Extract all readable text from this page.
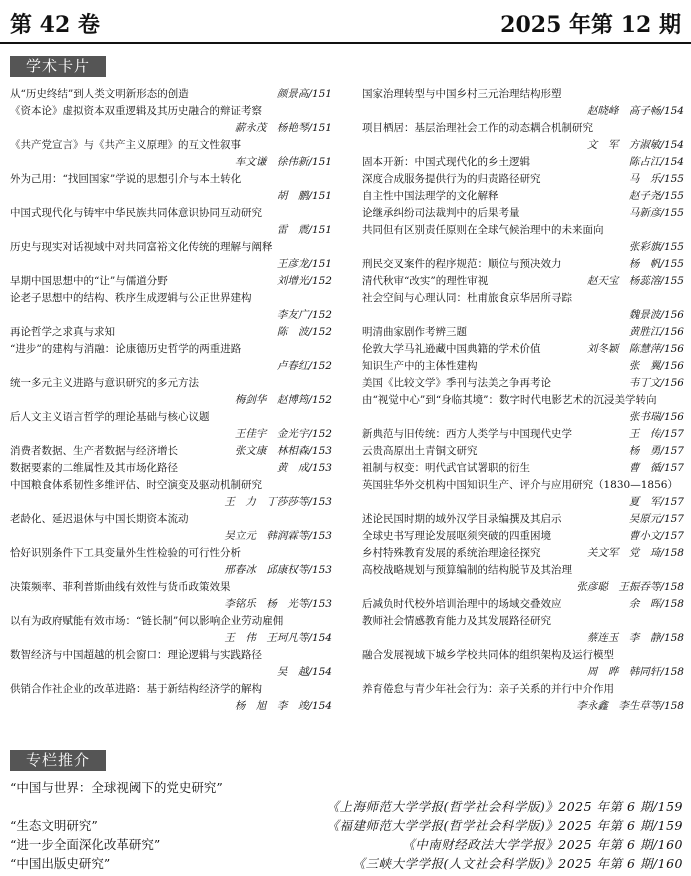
第 42 卷	2025 年第 12 期
学术卡片
从“历史终结”到人类文明新形态的创造	颜景高/151
《资本论》虚拟资本双重逻辑及其历史融合的辩证考察
薪永茂　杨艳琴/151
《共产党宣言》与《共产主义原理》的互文性叙事
车文谦　徐伟新/151
外为己用：“找回国家”学说的思想引介与本土转化
胡　鹏/151
中国式现代化与铸牢中华民族共同体意识协同互动研究
雷　震/151
历史与现实对话视域中对共同富裕文化传统的理解与阐释
王彦龙/151
早期中国思想中的“让”与儒道分野	刘增光/152
论老子思想中的结构、秩序生成逻辑与公正世界建构
李友广/152
再论哲学之求真与求知	陈　波/152
“进步”的建构与消融：论康德历史哲学的两重进路
卢春红/152
统一多元主义进路与意识研究的多元方法
梅剑华　赵博筠/152
后人文主义语言哲学的理论基础与核心议题
王佳宇　金光宇/152
消费者数据、生产者数据与经济增长	张文康　林相森/153
数据要素的二维属性及其市场化路径	黄　成/153
中国粮食体系韧性多维评估、时空演变及驱动机制研究
王　力　丁莎莎等/153
老龄化、延迟退休与中国长期资本流动
吴立元　韩润霖等/153
恰好识别条件下工具变量外生性检验的可行性分析
邢春冰　邱康权等/153
决策频率、菲利普斯曲线有效性与货币政策效果
李铭乐　杨　光等/153
以有为政府赋能有效市场：“链长制”何以影响企业劳动雇佣
王　伟　王珂凡等/154
数智经济与中国超越的机会窗口：理论逻辑与实践路径
吴　越/154
供销合作社企业的改革进路：基于新结构经济学的解构
杨　旭　李　竣/154
国家治理转型与中国乡村三元治理结构形塑
赵晓峰　高子畅/154
项目栖居：基层治理社会工作的动态耦合机制研究
文　军　方淑敏/154
固本开新：中国式现代化的乡土逻辑	陈占江/154
深度合成服务提供行为的归责路径研究	马　乐/155
自主性中国法理学的文化解释	赵子尧/155
论继承纠纷司法裁判中的后果考量	马新彦/155
共同但有区别责任原则在全球气候治理中的未来面向
张彩旗/155
刑民交叉案件的程序规范：顺位与预决效力	杨　帆/155
清代秋审“改实”的理性审视	赵天宝　杨蕊溶/155
社会空间与心理认同：杜甫旅食京华居所寻踪
魏景波/156
明清曲家剧作考辨三题	黄胜江/156
伦敦大学马礼逊藏中国典籍的学术价值	刘冬颖　陈慧萍/156
知识生产中的主体性建构	张　翼/156
美国《比较文学》季刊与法美之争再考论	韦丁文/156
由“视觉中心”到“身临其境”：数字时代电影艺术的沉浸美学转向
张书瑞/156
新典范与旧传统：西方人类学与中国现代史学	王　传/157
云贵高原出土青铜文研究	杨　勇/157
祖制与权变：明代武官试署职的衍生	曹　循/157
英国驻华外交机构中国知识生产、评介与应用研究（1830—1856）
夏　军/157
述论民国时期的域外汉学目录编撰及其启示	吴原元/157
全球史书写理论发展呕须突破的四重困境	曹小文/157
乡村特殊教育发展的系统治理途径探究	关文军　党　琦/158
高校战略规划与预算编制的结构脱节及其治理
张彦聪　王振吞等/158
后减负时代校外培训治理中的场域交叠效应	余　晖/158
教师社会情感教育能力及其发展路径研究
蔡连玉　李　静/158
融合发展视域下城乡学校共同体的组织架构及运行模型
周　晔　韩同轩/158
养育倦怠与青少年社会行为：亲子关系的并行中介作用
李永鑫　李生草等/158
专栏推介
“中国与世界：全球视阈下的党史研究”
《上海师范大学学报(哲学社会科学版)》2025 年第 6 期/159
“生态文明研究”	《福建师范大学学报(哲学社会科学版)》2025 年第 6 期/159
“进一步全面深化改革研究”	《中南财经政法大学学报》2025 年第 6 期/160
“中国出版史研究”	《三峡大学学报(人文社会科学版)》2025 年第 6 期/160
